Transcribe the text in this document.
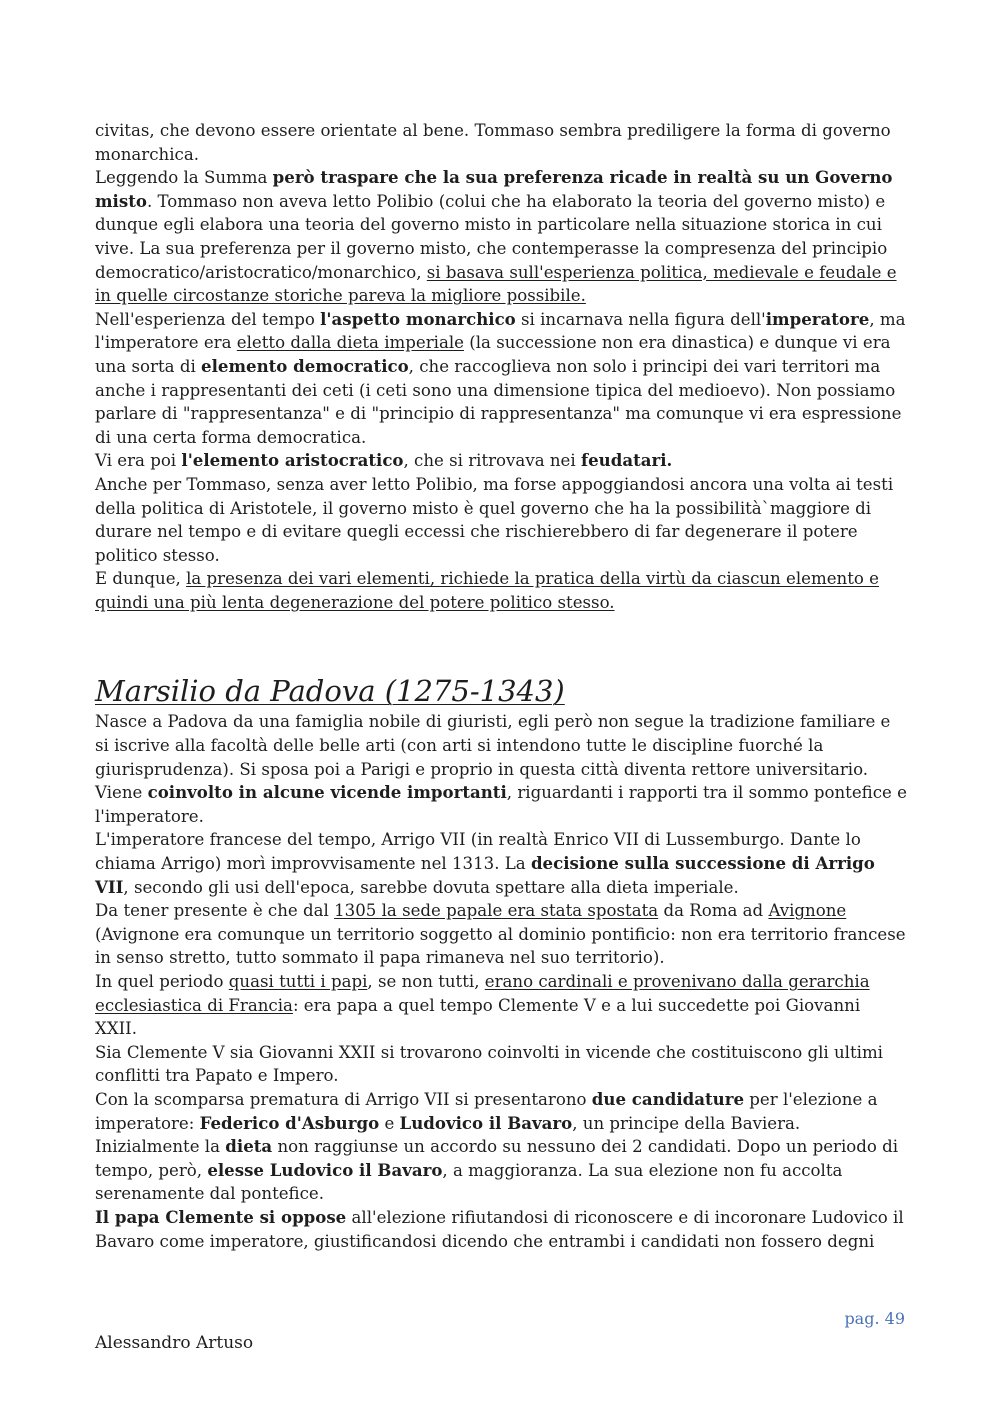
civitas, che devono essere orientate al bene. Tommaso sembra prediligere la forma di governo monarchica.

Leggendo la Summa però traspare che la sua preferenza ricade in realtà su un Governo misto. Tommaso non aveva letto Polibio (colui che ha elaborato la teoria del governo misto) e dunque egli elabora una teoria del governo misto in particolare nella situazione storica in cui vive. La sua preferenza per il governo misto, che contemperasse la compresenza del principio democratico/aristocratico/monarchico, si basava sull'esperienza politica, medievale e feudale e in quelle circostanze storiche pareva la migliore possibile.

Nell'esperienza del tempo l'aspetto monarchico si incarnava nella figura dell'imperatore, ma l'imperatore era eletto dalla dieta imperiale (la successione non era dinastica) e dunque vi era una sorta di elemento democratico, che raccoglieva non solo i principi dei vari territori ma anche i rappresentanti dei ceti (i ceti sono una dimensione tipica del medioevo). Non possiamo parlare di "rappresentanza" e di "principio di rappresentanza" ma comunque vi era espressione di una certa forma democratica.

Vi era poi l'elemento aristocratico, che si ritrovava nei feudatari.

Anche per Tommaso, senza aver letto Polibio, ma forse appoggiandosi ancora una volta ai testi della politica di Aristotele, il governo misto è quel governo che ha la possibilità`maggiore di durare nel tempo e di evitare quegli eccessi che rischierebbero di far degenerare il potere politico stesso.

E dunque, la presenza dei vari elementi, richiede la pratica della virtù da ciascun elemento e quindi una più lenta degenerazione del potere politico stesso.

Marsilio da Padova (1275-1343)

Nasce a Padova da una famiglia nobile di giuristi, egli però non segue la tradizione familiare e si iscrive alla facoltà delle belle arti (con arti si intendono tutte le discipline fuorché la giurisprudenza). Si sposa poi a Parigi e proprio in questa città diventa rettore universitario.

Viene coinvolto in alcune vicende importanti, riguardanti i rapporti tra il sommo pontefice e l'imperatore.

L'imperatore francese del tempo, Arrigo VII (in realtà Enrico VII di Lussemburgo. Dante lo chiama Arrigo) morì improvvisamente nel 1313. La decisione sulla successione di Arrigo VII, secondo gli usi dell'epoca, sarebbe dovuta spettare alla dieta imperiale.

Da tener presente è che dal 1305 la sede papale era stata spostata da Roma ad Avignone (Avignone era comunque un territorio soggetto al dominio pontificio: non era territorio francese in senso stretto, tutto sommato il papa rimaneva nel suo territorio).

In quel periodo quasi tutti i papi, se non tutti, erano cardinali e provenivano dalla gerarchia ecclesiastica di Francia: era papa a quel tempo Clemente V e a lui succedette poi Giovanni XXII.

Sia Clemente V sia Giovanni XXII si trovarono coinvolti in vicende che costituiscono gli ultimi conflitti tra Papato e Impero.

Con la scomparsa prematura di Arrigo VII si presentarono due candidature per l'elezione a imperatore: Federico d'Asburgo e Ludovico il Bavaro, un principe della Baviera.

Inizialmente la dieta non raggiunse un accordo su nessuno dei 2 candidati. Dopo un periodo di tempo, però, elesse Ludovico il Bavaro, a maggioranza. La sua elezione non fu accolta serenamente dal pontefice.

Il papa Clemente si oppose all'elezione rifiutandosi di riconoscere e di incoronare Ludovico il Bavaro come imperatore, giustificandosi dicendo che entrambi i candidati non fossero degni

pag. 49
Alessandro Artuso
